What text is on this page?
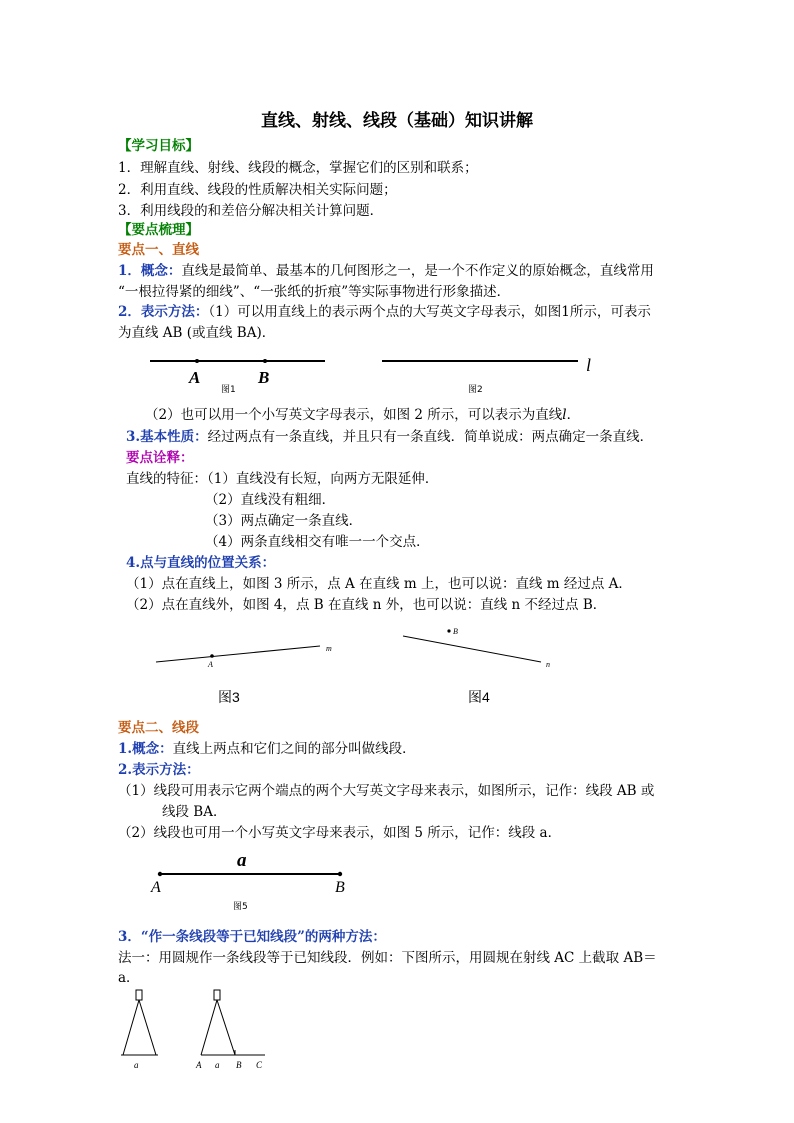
直线、射线、线段（基础）知识讲解
【学习目标】
1．理解直线、射线、线段的概念，掌握它们的区别和联系；
2．利用直线、线段的性质解决相关实际问题；
3．利用线段的和差倍分解决相关计算问题．
【要点梳理】
要点一、直线
1．概念：直线是最简单、最基本的几何图形之一，是一个不作定义的原始概念，直线常用
“一根拉得紧的细线”、“一张纸的折痕”等实际事物进行形象描述．
2．表示方法：（1）可以用直线上的表示两个点的大写英文字母表示，如图1所示，可表示
为直线 AB (或直线 BA)．
A	B
图1
l
图2
（2）也可以用一个小写英文字母表示，如图 2 所示，可以表示为直线l．
3.基本性质：经过两点有一条直线，并且只有一条直线．简单说成：两点确定一条直线．
要点诠释：
直线的特征：（1）直线没有长短，向两方无限延伸．
（2）直线没有粗细．
（3）两点确定一条直线．
（4）两条直线相交有唯一一个交点．
4.点与直线的位置关系：
（1）点在直线上，如图 3 所示，点 A 在直线 m 上，也可以说：直线 m 经过点 A．
（2）点在直线外，如图 4，点 B 在直线 n 外，也可以说：直线 n 不经过点 B．
A
m
图3
B
n
图4
要点二、线段
1.概念：直线上两点和它们之间的部分叫做线段．
2.表示方法：
（1）线段可用表示它两个端点的两个大写英文字母来表示，如图所示，记作：线段 AB 或
线段 BA．
（2）线段也可用一个小写英文字母来表示，如图 5 所示，记作：线段 a．
a
A	B
图5
3．“作一条线段等于已知线段”的两种方法：
法一：用圆规作一条线段等于已知线段．例如：下图所示，用圆规在射线 AC 上截取 AB＝
a．
a	A a B C
